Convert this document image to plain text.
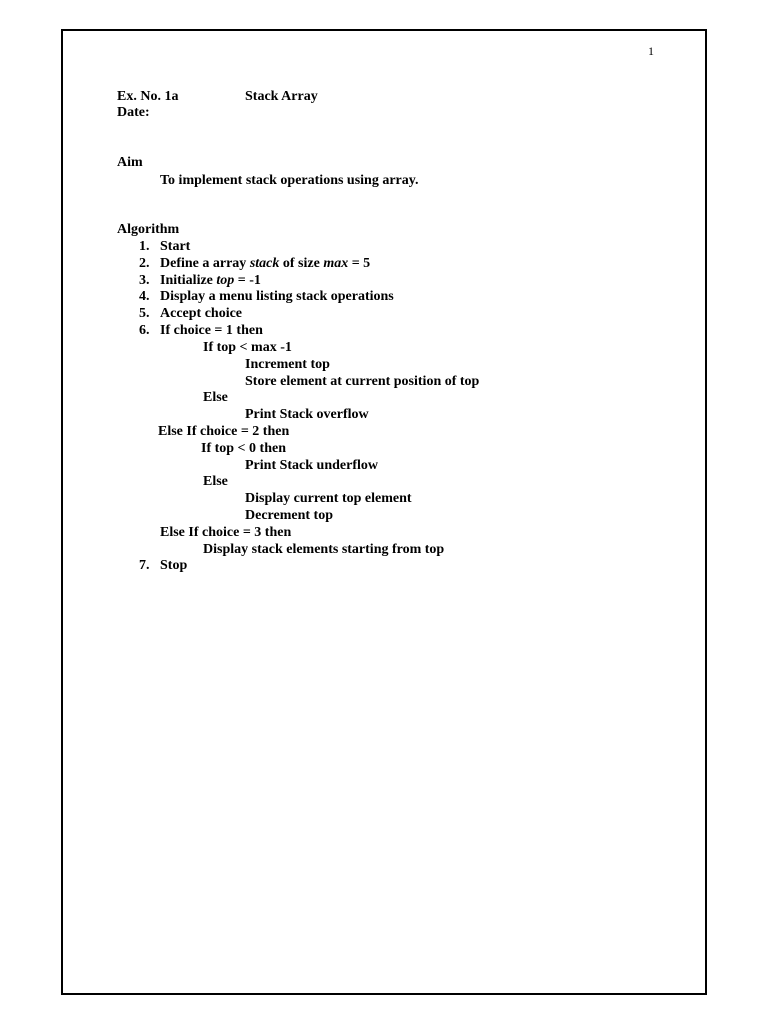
1
Ex. No. 1a	Stack Array
Date:
Aim
To implement stack operations using array.
Algorithm
1. Start
2. Define a array stack of size max = 5
3. Initialize top = -1
4. Display a menu listing stack operations
5. Accept choice
6. If choice = 1 then
If top < max -1
Increment top
Store element at current position of top
Else
Print Stack overflow
Else If choice = 2 then
If top < 0 then
Print Stack underflow
Else
Display current top element
Decrement top
Else If choice = 3 then
Display stack elements starting from top
7. Stop
